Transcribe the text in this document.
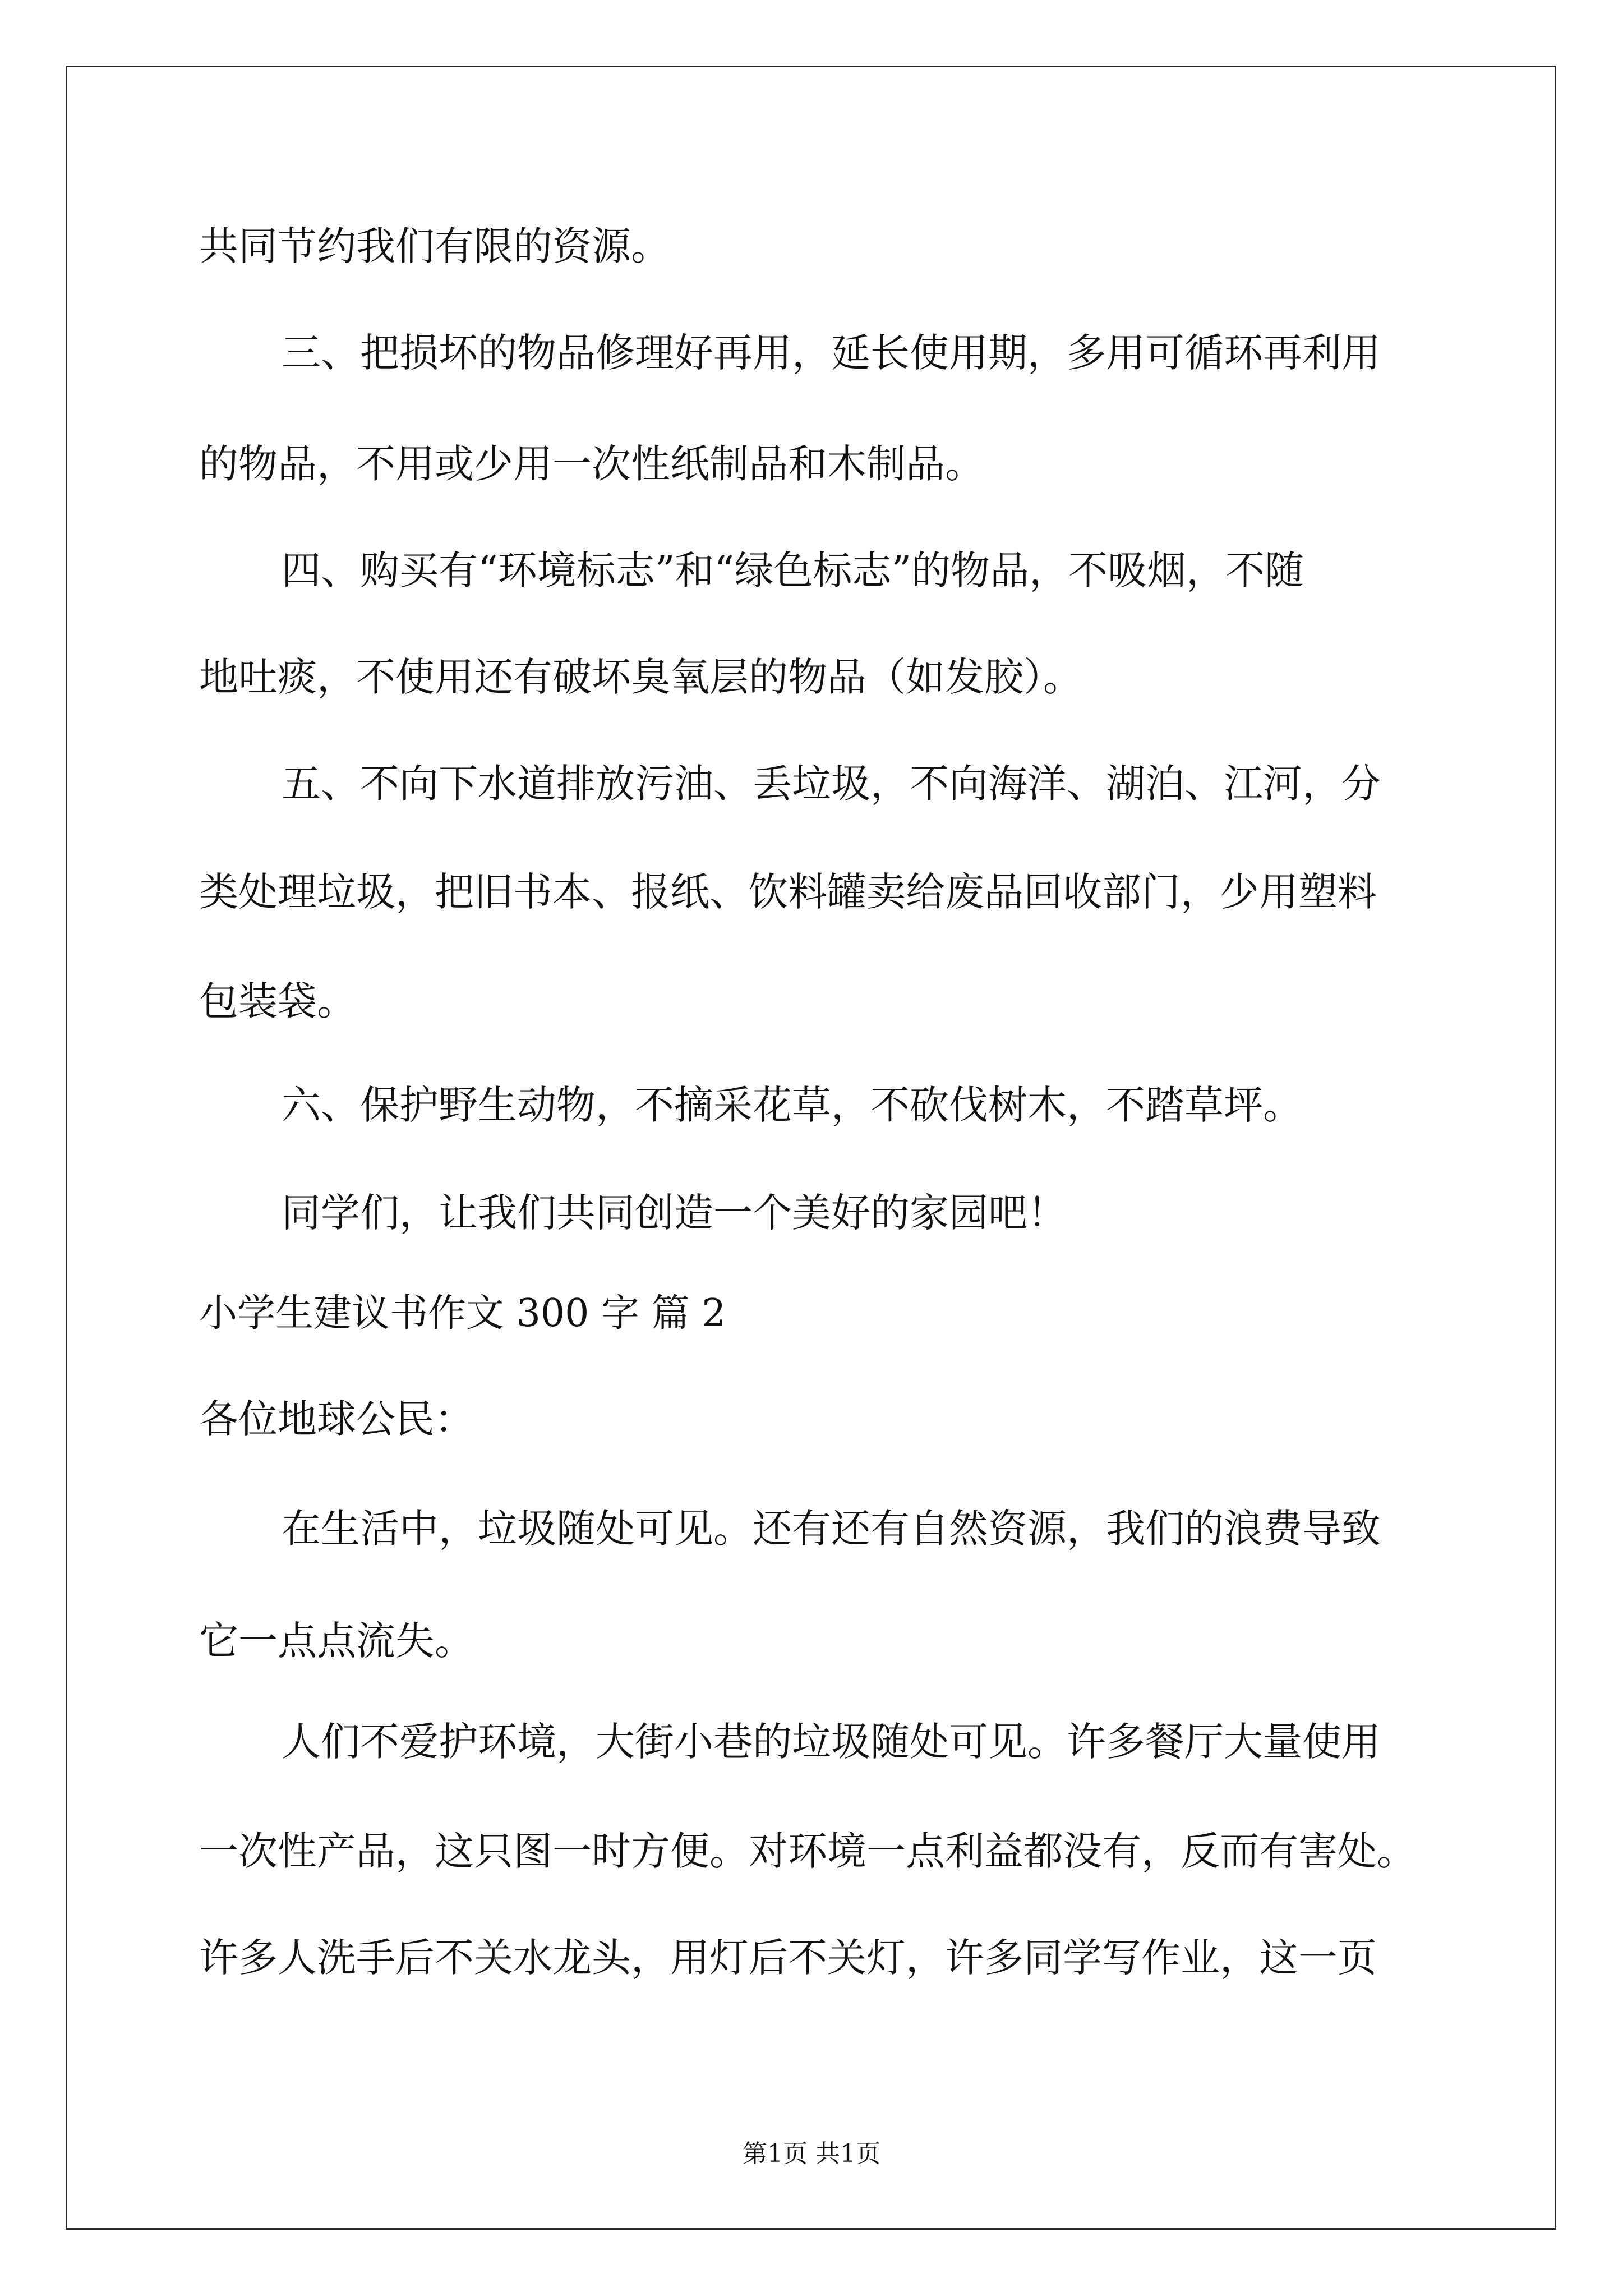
共同节约我们有限的资源。
三、把损坏的物品修理好再用，延长使用期，多用可循环再利用
的物品，不用或少用一次性纸制品和木制品。
四、购买有“环境标志”和“绿色标志”的物品，不吸烟，不随
地吐痰，不使用还有破坏臭氧层的物品（如发胶）。
五、不向下水道排放污油、丢垃圾，不向海洋、湖泊、江河，分
类处理垃圾，把旧书本、报纸、饮料罐卖给废品回收部门，少用塑料
包装袋。
六、保护野生动物，不摘采花草，不砍伐树木，不踏草坪。
同学们，让我们共同创造一个美好的家园吧！
小学生建议书作文 300 字 篇 2
各位地球公民：
在生活中，垃圾随处可见。还有还有自然资源，我们的浪费导致
它一点点流失。
人们不爱护环境，大街小巷的垃圾随处可见。许多餐厅大量使用
一次性产品，这只图一时方便。对环境一点利益都没有，反而有害处。
许多人洗手后不关水龙头，用灯后不关灯，许多同学写作业，这一页
第1页 共1页
